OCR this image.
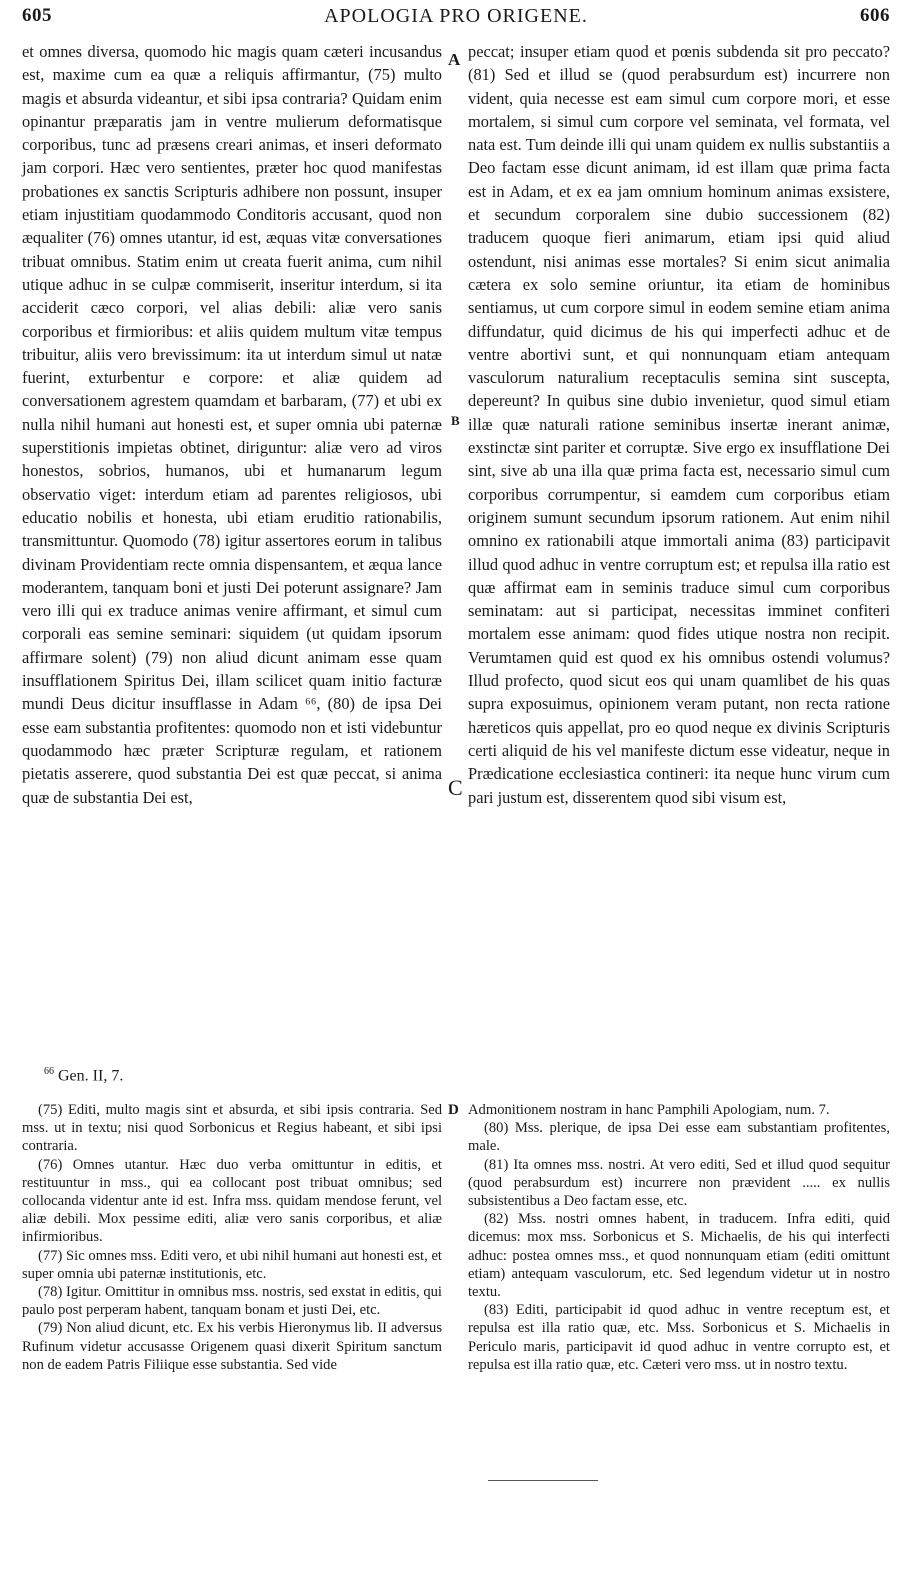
605	APOLOGIA PRO ORIGENE.	606

et omnes diversa, quomodo hic magis quam cæteri incusandus est, maxime cum ea quæ a reliquis affirmantur, (75) multo magis et absurda videantur, et sibi ipsa contraria? Quidam enim opinantur præparatis jam in ventre mulierum deformatisque corporibus, tunc ad præsens creari animas, et inseri deformato jam corpori. Hæc vero sentientes, præter hoc quod manifestas probationes ex sanctis Scripturis adhibere non possunt, insuper etiam injustitiam quodammodo Conditoris accusant, quod non æqualiter (76) omnes utantur, id est, æquas vitæ conversationes tribuat omnibus. Statim enim ut creata fuerit anima, cum nihil utique adhuc in se culpæ commiserit, inseritur interdum, si ita acciderit cæco corpori, vel alias debili: aliæ vero sanis corporibus et firmioribus: et aliis quidem multum vitæ tempus tribuitur, aliis vero brevissimum: ita ut interdum simul ut natæ fuerint, exturbentur e corpore: et aliæ quidem ad conversationem agrestem quamdam et barbaram, (77) et ubi ex nulla nihil humani aut honesti est, et super omnia ubi paternæ superstitionis impietas obtinet, diriguntur: aliæ vero ad viros honestos, sobrios, humanos, ubi et humanarum legum observatio viget: interdum etiam ad parentes religiosos, ubi educatio nobilis et honesta, ubi etiam eruditio rationabilis, transmittuntur. Quomodo (78) igitur assertores eorum in talibus divinam Providentiam recte omnia dispensantem, et æqua lance moderantem, tanquam boni et justi Dei poterunt assignare? Jam vero illi qui ex traduce animas venire affirmant, et simul cum corporali eas semine seminari: siquidem (ut quidam ipsorum affirmare solent) (79) non aliud dicunt animam esse quam insufflationem Spiritus Dei, illam scilicet quam initio facturæ mundi Deus dicitur insufflasse in Adam ⁶⁶, (80) de ipsa Dei esse eam substantia profitentes: quomodo non et isti videbuntur quodammodo hæc præter Scripturæ regulam, et rationem pietatis asserere, quod substantia Dei est quæ peccat, si anima quæ de substantia Dei est,

A
B
C
D

peccat; insuper etiam quod et pœnis subdenda sit pro peccato? (81) Sed et illud se (quod perabsurdum est) incurrere non vident, quia necesse est eam simul cum corpore mori, et esse mortalem, si simul cum corpore vel seminata, vel formata, vel nata est. Tum deinde illi qui unam quidem ex nullis substantiis a Deo factam esse dicunt animam, id est illam quæ prima facta est in Adam, et ex ea jam omnium hominum animas exsistere, et secundum corporalem sine dubio successionem (82) traducem quoque fieri animarum, etiam ipsi quid aliud ostendunt, nisi animas esse mortales? Si enim sicut animalia cætera ex solo semine oriuntur, ita etiam de hominibus sentiamus, ut cum corpore simul in eodem semine etiam anima diffundatur, quid dicimus de his qui imperfecti adhuc et de ventre abortivi sunt, et qui nonnunquam etiam antequam vasculorum naturalium receptaculis semina sint suscepta, depereunt? In quibus sine dubio invenietur, quod simul etiam illæ quæ naturali ratione seminibus insertæ inerant animæ, exstinctæ sint pariter et corruptæ. Sive ergo ex insufflatione Dei sint, sive ab una illa quæ prima facta est, necessario simul cum corporibus corrumpentur, si eamdem cum corporibus etiam originem sumunt secundum ipsorum rationem. Aut enim nihil omnino ex rationabili atque immortali anima (83) participavit illud quod adhuc in ventre corruptum est; et repulsa illa ratio est quæ affirmat eam in seminis traduce simul cum corporibus seminatam: aut si participat, necessitas imminet confiteri mortalem esse animam: quod fides utique nostra non recipit. Verumtamen quid est quod ex his omnibus ostendi volumus? Illud profecto, quod sicut eos qui unam quamlibet de his quas supra exposuimus, opinionem veram putant, non recta ratione hæreticos quis appellat, pro eo quod neque ex divinis Scripturis certi aliquid de his vel manifeste dictum esse videatur, neque in Prædicatione ecclesiastica contineri: ita neque hunc virum cum pari justum est, disserentem quod sibi visum est,

$^{66}$ Gen. II, 7.

(75) Editi, multo magis sint et absurda, et sibi ipsis contraria. Sed mss. ut in textu; nisi quod Sorbonicus et Regius habeant, et sibi ipsi contraria.

(76) Omnes utantur. Hæc duo verba omittuntur in editis, et restituuntur in mss., qui ea collocant post tribuat omnibus; sed collocanda videntur ante id est. Infra mss. quidam mendose ferunt, vel aliæ debili. Mox pessime editi, aliæ vero sanis corporibus, et aliæ infirmioribus.

(77) Sic omnes mss. Editi vero, et ubi nihil humani aut honesti est, et super omnia ubi paternæ institutionis, etc.

(78) Igitur. Omittitur in omnibus mss. nostris, sed exstat in editis, qui paulo post perperam habent, tanquam bonam et justi Dei, etc.

(79) Non aliud dicunt, etc. Ex his verbis Hieronymus lib. II adversus Rufinum videtur accusasse Origenem quasi dixerit Spiritum sanctum non de eadem Patris Filiique esse substantia. Sed vide

Admonitionem nostram in hanc Pamphili Apologiam, num. 7.

(80) Mss. plerique, de ipsa Dei esse eam substantiam profitentes, male.

(81) Ita omnes mss. nostri. At vero editi, Sed et illud quod sequitur (quod perabsurdum est) incurrere non prævident ..... ex nullis subsistentibus a Deo factam esse, etc.

(82) Mss. nostri omnes habent, in traducem. Infra editi, quid dicemus: mox mss. Sorbonicus et S. Michaelis, de his qui interfecti adhuc: postea omnes mss., et quod nonnunquam etiam (editi omittunt etiam) antequam vasculorum, etc. Sed legendum videtur ut in nostro textu.

(83) Editi, participabit id quod adhuc in ventre receptum est, et repulsa est illa ratio quæ, etc. Mss. Sorbonicus et S. Michaelis in Periculo maris, participavit id quod adhuc in ventre corrupto est, et repulsa est illa ratio quæ, etc. Cæteri vero mss. ut in nostro textu.
